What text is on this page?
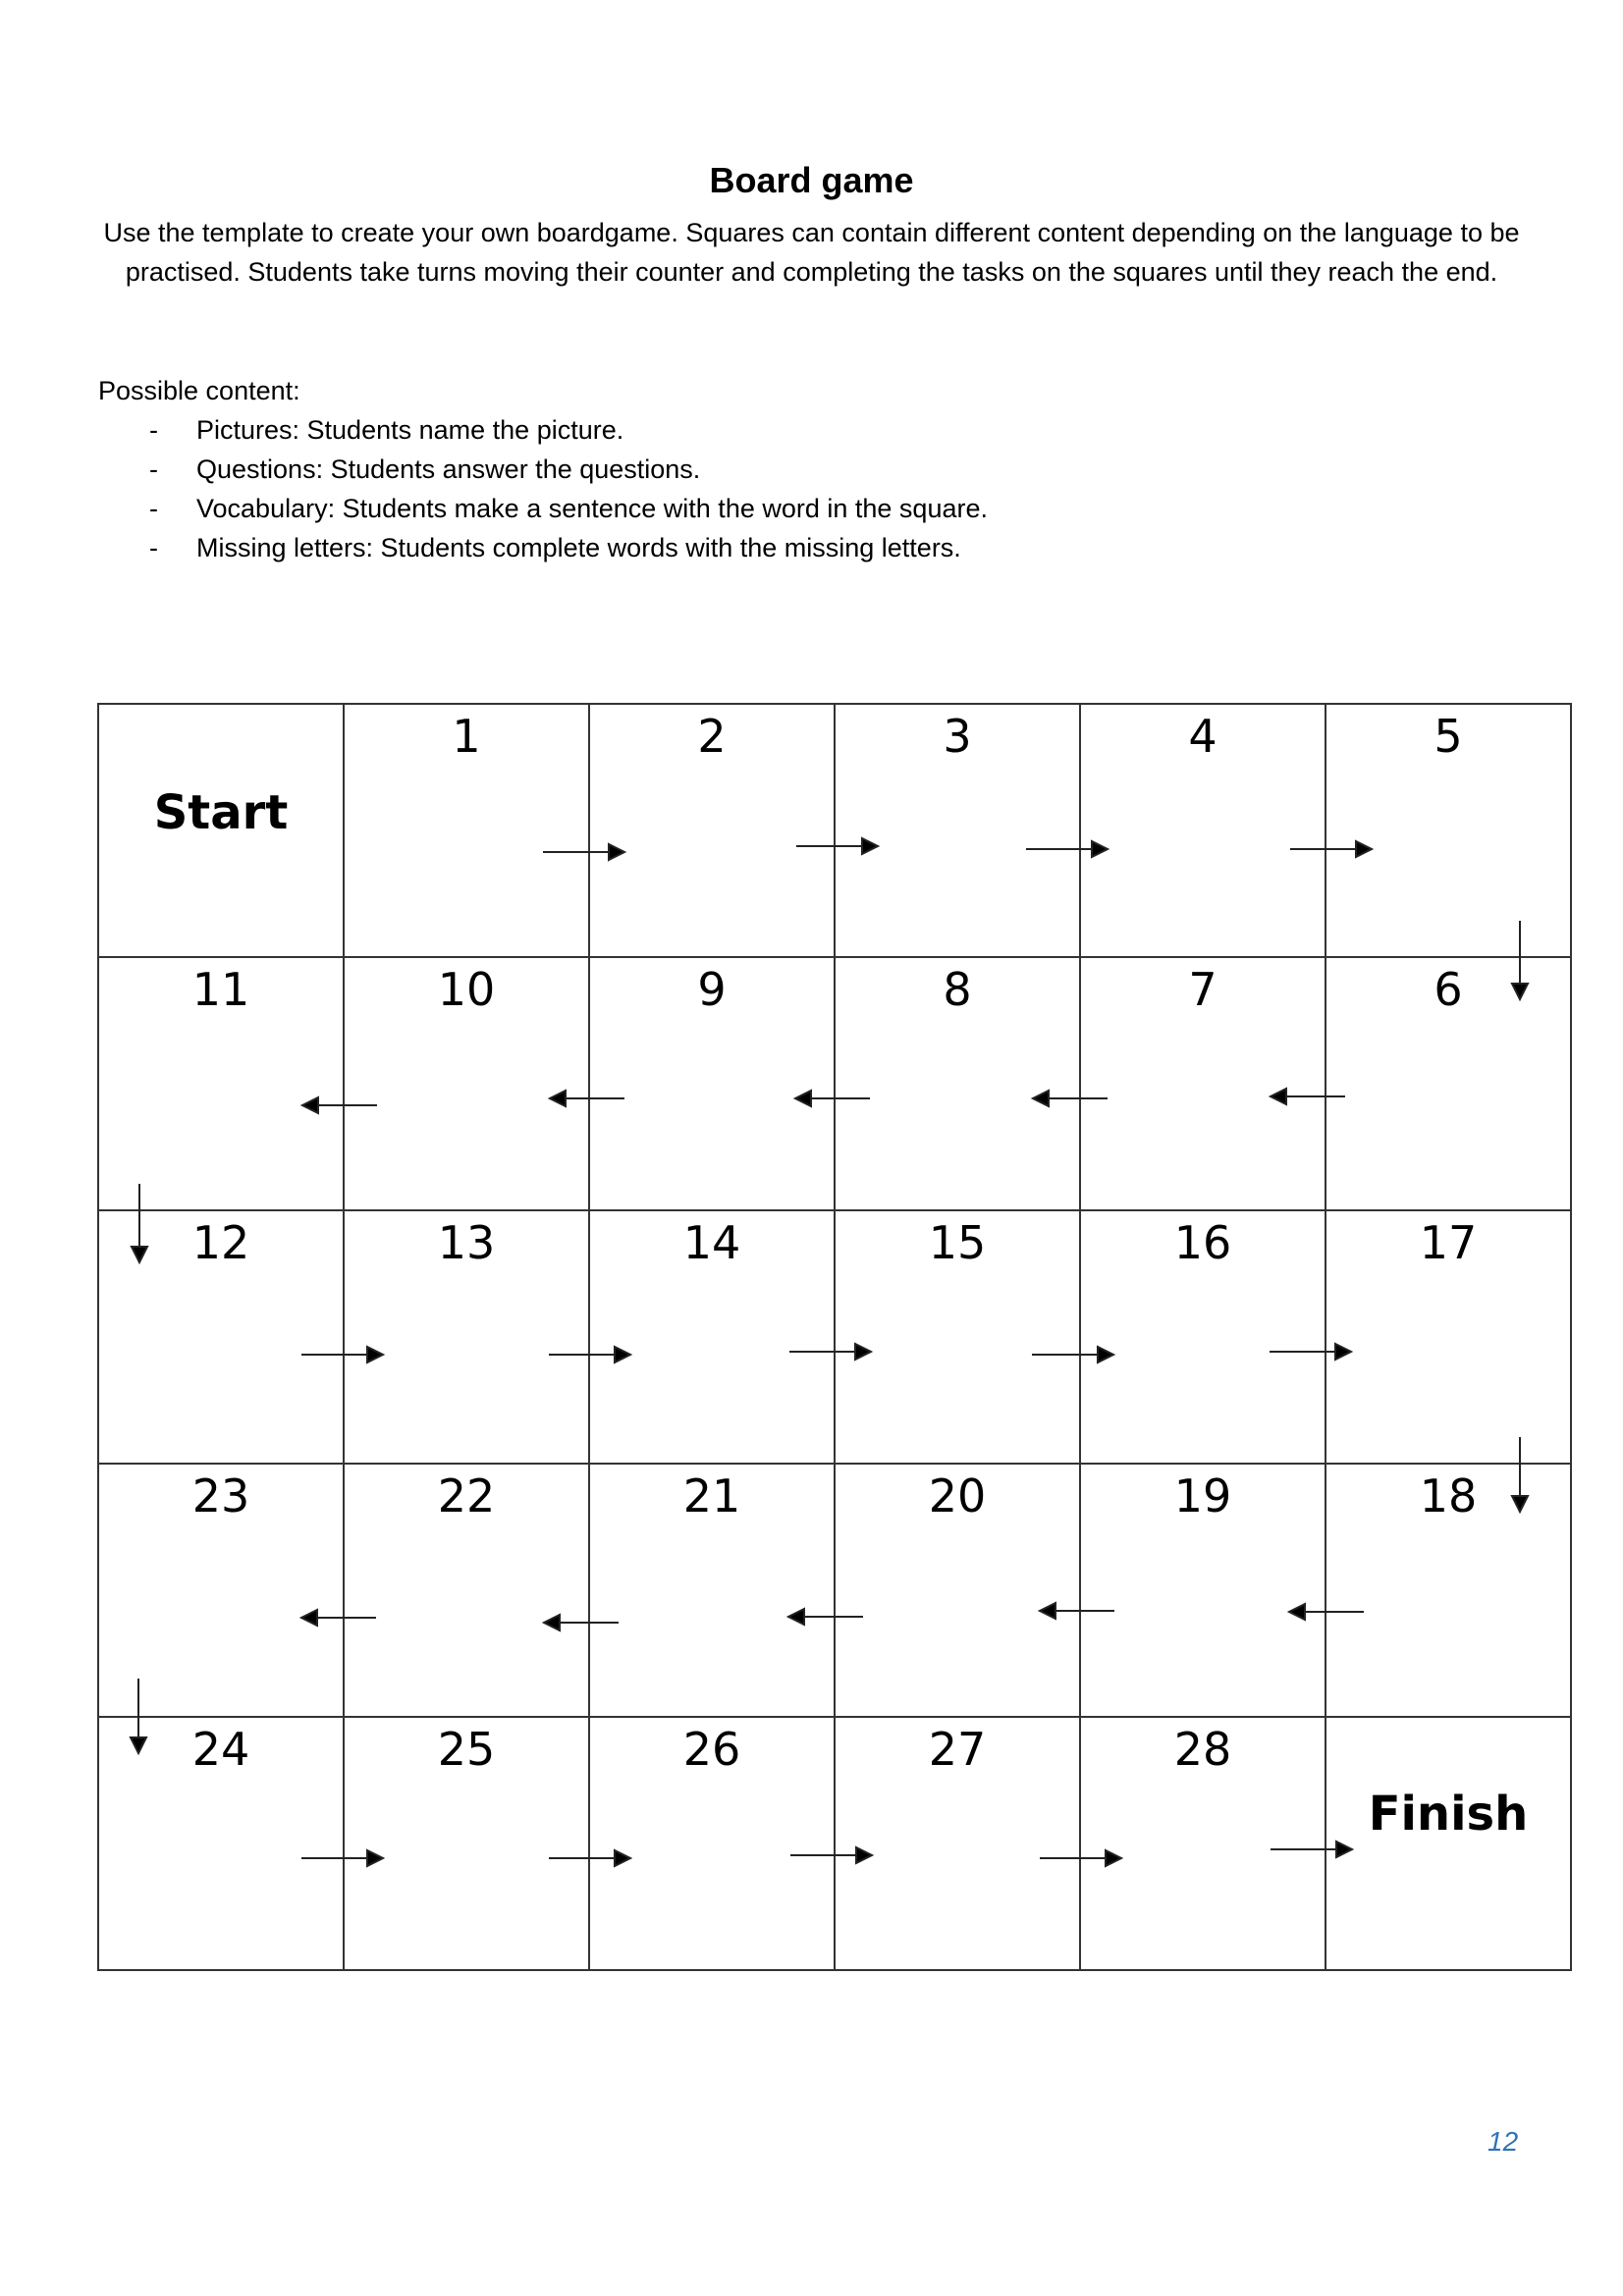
Board game
Use the template to create your own boardgame. Squares can contain different content depending on the language to be practised. Students take turns moving their counter and completing the tasks on the squares until they reach the end.
Possible content:
- Pictures: Students name the picture.
- Questions: Students answer the questions.
- Vocabulary: Students make a sentence with the word in the square.
- Missing letters: Students complete words with the missing letters.
Start	1	2	3	4	5

11	10	9	8	7	6

12	13	14	15	16	17

23	22	21	20	19	18

24	25	26	27	28	Finish
12
